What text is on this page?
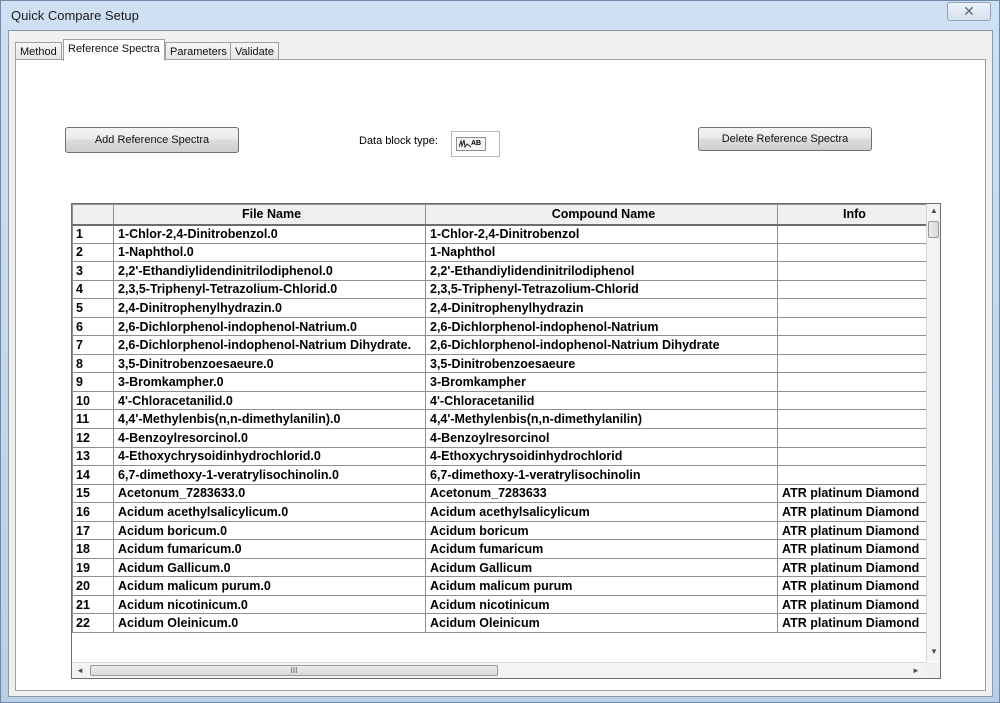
Quick Compare Setup	✕
Method	Reference Spectra Parameters Validate
Add Reference Spectra	Data block type:	AB	Delete Reference Spectra
	File Name	Compound Name	Info
1	1-Chlor-2,4-Dinitrobenzol.0	1-Chlor-2,4-Dinitrobenzol	
2	1-Naphthol.0	1-Naphthol	
3	2,2'-Ethandiylidendinitrilodiphenol.0	2,2'-Ethandiylidendinitrilodiphenol	
4	2,3,5-Triphenyl-Tetrazolium-Chlorid.0	2,3,5-Triphenyl-Tetrazolium-Chlorid	
5	2,4-Dinitrophenylhydrazin.0	2,4-Dinitrophenylhydrazin	
6	2,6-Dichlorphenol-indophenol-Natrium.0	2,6-Dichlorphenol-indophenol-Natrium	
7	2,6-Dichlorphenol-indophenol-Natrium Dihydrate.	2,6-Dichlorphenol-indophenol-Natrium Dihydrate	
8	3,5-Dinitrobenzoesaeure.0	3,5-Dinitrobenzoesaeure	
9	3-Bromkampher.0	3-Bromkampher	
10	4'-Chloracetanilid.0	4'-Chloracetanilid	
11	4,4'-Methylenbis(n,n-dimethylanilin).0	4,4'-Methylenbis(n,n-dimethylanilin)	
12	4-Benzoylresorcinol.0	4-Benzoylresorcinol	
13	4-Ethoxychrysoidinhydrochlorid.0	4-Ethoxychrysoidinhydrochlorid	
14	6,7-dimethoxy-1-veratrylisochinolin.0	6,7-dimethoxy-1-veratrylisochinolin	
15	Acetonum_7283633.0	Acetonum_7283633	ATR platinum Diamond
16	Acidum acethylsalicylicum.0	Acidum acethylsalicylicum	ATR platinum Diamond
17	Acidum boricum.0	Acidum boricum	ATR platinum Diamond
18	Acidum fumaricum.0	Acidum fumaricum	ATR platinum Diamond
19	Acidum Gallicum.0	Acidum Gallicum	ATR platinum Diamond
20	Acidum malicum purum.0	Acidum malicum purum	ATR platinum Diamond
21	Acidum nicotinicum.0	Acidum nicotinicum	ATR platinum Diamond
22	Acidum Oleinicum.0	Acidum Oleinicum	ATR platinum Diamond
▲
▼
◄	III	►
